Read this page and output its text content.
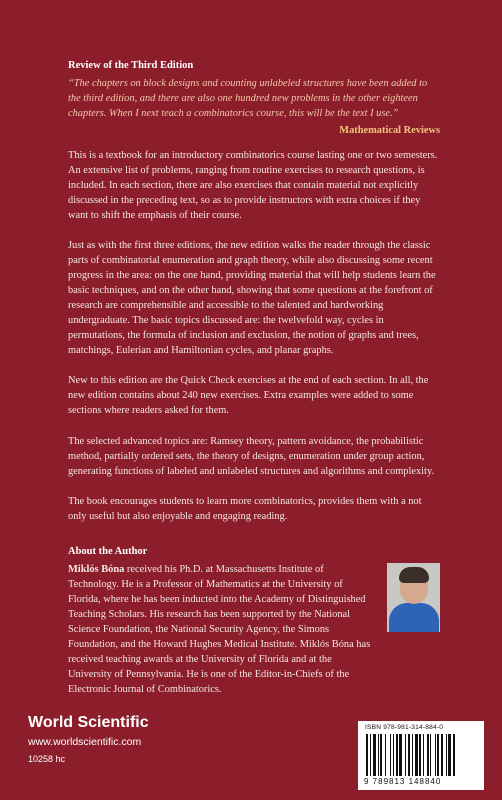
Review of the Third Edition
“The chapters on block designs and counting unlabeled structures have been added to the third edition, and there are also one hundred new problems in the other eighteen chapters. When I next teach a combinatorics course, this will be the text I use.”
Mathematical Reviews
This is a textbook for an introductory combinatorics course lasting one or two semesters. An extensive list of problems, ranging from routine exercises to research questions, is included. In each section, there are also exercises that contain material not explicitly discussed in the preceding text, so as to provide instructors with extra choices if they want to shift the emphasis of their course.
Just as with the first three editions, the new edition walks the reader through the classic parts of combinatorial enumeration and graph theory, while also discussing some recent progress in the area: on the one hand, providing material that will help students learn the basic techniques, and on the other hand, showing that some questions at the forefront of research are comprehensible and accessible to the talented and hardworking undergraduate. The basic topics discussed are: the twelvefold way, cycles in permutations, the formula of inclusion and exclusion, the notion of graphs and trees, matchings, Eulerian and Hamiltonian cycles, and planar graphs.
New to this edition are the Quick Check exercises at the end of each section. In all, the new edition contains about 240 new exercises. Extra examples were added to some sections where readers asked for them.
The selected advanced topics are: Ramsey theory, pattern avoidance, the probabilistic method, partially ordered sets, the theory of designs, enumeration under group action, generating functions of labeled and unlabeled structures and algorithms and complexity.
The book encourages students to learn more combinatorics, provides them with a not only useful but also enjoyable and engaging reading.
About the Author
Miklós Bóna received his Ph.D. at Massachusetts Institute of Technology. He is a Professor of Mathematics at the University of Florida, where he has been inducted into the Academy of Distinguished Teaching Scholars. His research has been supported by the National Science Foundation, the National Security Agency, the Simons Foundation, and the Howard Hughes Medical Institute. Miklós Bóna has received teaching awards at the University of Florida and at the University of Pennsylvania. He is one of the Editor-in-Chiefs of the Electronic Journal of Combinatorics.
World Scientific
www.worldscientific.com
10258 hc
ISBN 978-981-314-884-0
9 789813 148840
